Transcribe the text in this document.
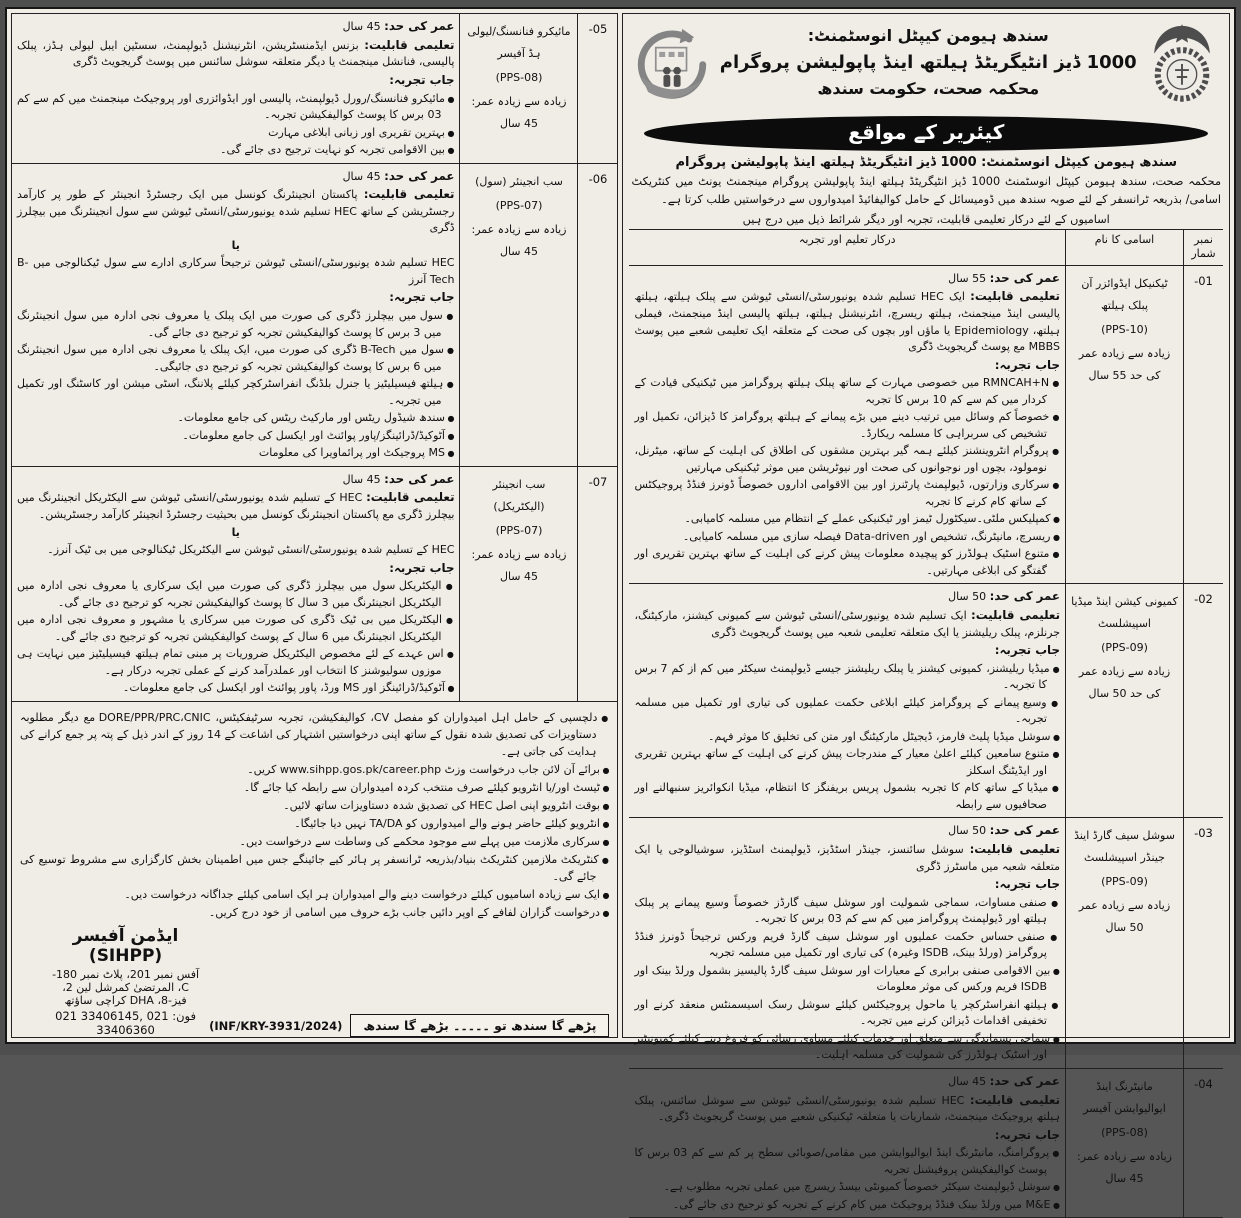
سندھ ہیومن کیپٹل انوسٹمنٹ:
1000 ڈیز انٹیگریٹڈ ہیلتھ اینڈ پاپولیشن پروگرام
محکمہ صحت، حکومت سندھ
کیئریر کے مواقع
سندھ ہیومن کیپٹل انوسٹمنٹ: 1000 ڈیز انٹیگریٹڈ ہیلتھ اینڈ پاپولیشن پروگرام
محکمہ صحت، سندھ ہیومن کیپٹل انوسٹمنٹ 1000 ڈیز انٹیگریٹڈ ہیلتھ اینڈ پاپولیشن پروگرام مینجمنٹ یونٹ میں کنٹریکٹ اسامی/ بذریعہ ٹرانسفر کے لئے صوبہ سندھ میں ڈومیسائل کے حامل کوالیفائیڈ امیدواروں سے درخواستیں طلب کرتا ہے۔
اسامیوں کے لئے درکار تعلیمی قابلیت، تجربہ اور دیگر شرائط ذیل میں درج ہیں
نمبر شمار
اسامی کا نام
درکار تعلیم اور تجربہ
-01
ٹیکنیکل ایڈوائزر آن پبلک ہیلتھ
(PPS-10)
زیادہ سے زیادہ عمر کی حد 55 سال
عمر کی حد: 55 سال
تعلیمی قابلیت: ایک HEC تسلیم شدہ یونیورسٹی/انسٹی ٹیوشن سے پبلک ہیلتھ، ہیلتھ پالیسی اینڈ مینجمنٹ، ہیلتھ ریسرچ، انٹرنیشنل ہیلتھ، ہیلتھ پالیسی اینڈ مینجمنٹ، فیملی ہیلتھ، Epidemiology یا ماؤں اور بچوں کی صحت کے متعلقہ ایک تعلیمی شعبے میں پوسٹ MBBS مع پوسٹ گریجویٹ ڈگری
جاب تجربہ:
● RMNCAH+N میں خصوصی مہارت کے ساتھ پبلک ہیلتھ پروگرامز میں ٹیکنیکی قیادت کے کردار میں کم سے کم 10 برس کا تجربہ
● خصوصاً کم وسائل میں ترتیب دینے میں بڑے پیمانے کے ہیلتھ پروگرامز کا ڈیزائن، تکمیل اور تشخیص کی سربراہی کا مسلمہ ریکارڈ۔
● پروگرام انٹروینشنز کیلئے ہمہ گیر بہترین مشقوں کی اطلاق کی اہلیت کے ساتھ، میٹرنل، نومولود، بچوں اور نوجوانوں کی صحت اور نیوٹریشن میں موثر ٹیکنیکی مہارتیں
● سرکاری وزارتوں، ڈیولپمنٹ پارٹنرز اور بین الاقوامی اداروں خصوصاً ڈونرز فنڈڈ پروجیکٹس کے ساتھ کام کرنے کا تجربہ
● کمپلیکس ملٹی۔سیکٹورل ٹیمز اور ٹیکنیکی عملے کے انتظام میں مسلمہ کامیابی۔
● ریسرچ، مانیٹرنگ، تشخیص اور Data-driven فیصلہ سازی میں مسلمہ کامیابی۔
● متنوع اسٹیک ہولڈرز کو پیچیدہ معلومات پیش کرنے کی اہلیت کے ساتھ بہترین تقریری اور گفتگو کی ابلاغی مہارتیں۔
-02
کمیونی کیشن اینڈ میڈیا اسپیشلسٹ
(PPS-09)
زیادہ سے زیادہ عمر کی حد 50 سال
عمر کی حد: 50 سال
تعلیمی قابلیت: ایک تسلیم شدہ یونیورسٹی/انسٹی ٹیوشن سے کمیونی کیشنز، مارکیٹنگ، جرنلزم، پبلک ریلیشنز یا ایک متعلقہ تعلیمی شعبہ میں پوسٹ گریجویٹ ڈگری
جاب تجربہ:
● میڈیا ریلیشنز، کمیونی کیشنز یا پبلک ریلیشنز جیسے ڈیولپمنٹ سیکٹر میں کم از کم 7 برس کا تجربہ۔
● وسیع پیمانے کے پروگرامز کیلئے ابلاغی حکمت عملیوں کی تیاری اور تکمیل میں مسلمہ تجربہ۔
● سوشل میڈیا پلیٹ فارمز، ڈیجیٹل مارکیٹنگ اور متن کی تخلیق کا موثر فہم۔
● متنوع سامعین کیلئے اعلیٰ معیار کے مندرجات پیش کرنے کی اہلیت کے ساتھ بہترین تقریری اور ایڈیٹنگ اسکلز
● میڈیا کے ساتھ کام کا تجربہ بشمول پریس بریفنگز کا انتظام، میڈیا انکوائریز سنبھالنے اور صحافیوں سے رابطہ
-03
سوشل سیف گارڈ اینڈ جینڈر اسپیشلسٹ
(PPS-09)
زیادہ سے زیادہ عمر 50 سال
عمر کی حد: 50 سال
تعلیمی قابلیت: سوشل سائنسز، جینڈر اسٹڈیز، ڈیولپمنٹ اسٹڈیز، سوشیالوجی یا ایک متعلقہ شعبہ میں ماسٹرز ڈگری
جاب تجربہ:
● صنفی مساوات، سماجی شمولیت اور سوشل سیف گارڈز خصوصاً وسیع پیمانے پر پبلک ہیلتھ اور ڈیولپمنٹ پروگرامز میں کم سے کم 03 برس کا تجربہ۔
● صنفی حساس حکمت عملیوں اور سوشل سیف گارڈ فریم ورکس ترجیحاً ڈونرز فنڈڈ پروگرامز (ورلڈ بینک، ISDB وغیرہ) کی تیاری اور تکمیل میں مسلمہ تجربہ
● بین الاقوامی صنفی برابری کے معیارات اور سوشل سیف گارڈ پالیسیز بشمول ورلڈ بینک اور ISDB فریم ورکس کی موثر معلومات
● ہیلتھ انفراسٹرکچر یا ماحول پروجیکٹس کیلئے سوشل رسک اسیسمنٹس منعقد کرنے اور تخفیفی اقدامات ڈیزائن کرنے میں تجربہ۔
● سماجی پسماندگی سے متعلق اور خدمات کیلئے مساوی رسائی کو فروغ دینے کیلئے کمیونیٹیز اور اسٹیک ہولڈرز کی شمولیت کی مسلمہ اہلیت۔
-04
مانیٹرنگ اینڈ ایوالیوایشن آفیسر
(PPS-08)
زیادہ سے زیادہ عمر: 45 سال
عمر کی حد: 45 سال
تعلیمی قابلیت: HEC تسلیم شدہ یونیورسٹی/انسٹی ٹیوشن سے سوشل سائنس، پبلک ہیلتھ پروجیکٹ مینجمنٹ، شماریات یا متعلقہ ٹیکنیکی شعبے میں پوسٹ گریجویٹ ڈگری۔
جاب تجربہ:
● پروگرامنگ، مانیٹرنگ اینڈ ایوالیوایشن میں مقامی/صوبائی سطح پر کم سے کم 03 برس کا پوسٹ کوالیفکیشن پروفیشنل تجربہ
● سوشل ڈیولپمنٹ سیکٹر خصوصاً کمیونٹی بیسڈ ریسرچ میں عملی تجربہ مطلوب ہے۔
● M&E میں ورلڈ بینک فنڈڈ پروجیکٹ میں کام کرنے کے تجربہ کو ترجیح دی جائے گی۔
-05
مائیکرو فنانسنگ/لیولی ہڈ آفیسر
(PPS-08)
زیادہ سے زیادہ عمر: 45 سال
عمر کی حد: 45 سال
تعلیمی قابلیت: بزنس ایڈمنسٹریشن، انٹرنیشنل ڈیولپمنٹ، سسٹین ایبل لیولی ہڈز، پبلک پالیسی، فنانشل مینجمنٹ یا دیگر متعلقہ سوشل سائنس میں پوسٹ گریجویٹ ڈگری
جاب تجربہ:
● مائیکرو فنانسنگ/رورل ڈیولپمنٹ، پالیسی اور ایڈوائزری اور پروجیکٹ مینجمنٹ میں کم سے کم 03 برس کا پوسٹ کوالیفکیشن تجربہ۔
● بہترین تقریری اور زبانی ابلاغی مہارت
● بین الاقوامی تجربہ کو نہایت ترجیح دی جائے گی۔
-06
سب انجینئر (سول)
(PPS-07)
زیادہ سے زیادہ عمر: 45 سال
عمر کی حد: 45 سال
تعلیمی قابلیت: پاکستان انجینئرنگ کونسل میں ایک رجسٹرڈ انجینئر کے طور پر کارآمد رجسٹریشن کے ساتھ HEC تسلیم شدہ یونیورسٹی/انسٹی ٹیوشن سے سول انجینئرنگ میں بیچلرز ڈگری
یا
HEC تسلیم شدہ یونیورسٹی/انسٹی ٹیوشن ترجیحاً سرکاری ادارے سے سول ٹیکنالوجی میں B-Tech آنرز
جاب تجربہ:
● سول میں بیچلرز ڈگری کی صورت میں ایک پبلک یا معروف نجی ادارہ میں سول انجینئرنگ میں 3 برس کا پوسٹ کوالیفکیشن تجربہ کو ترجیح دی جائے گی۔
● سول میں B-Tech ڈگری کی صورت میں، ایک پبلک یا معروف نجی ادارہ میں سول انجینئرنگ میں 6 برس کا پوسٹ کوالیفکیشن تجربہ کو ترجیح دی جائیگی۔
● ہیلتھ فیسیلیٹیز یا جنرل بلڈنگ انفراسٹرکچر کیلئے پلاننگ، اسٹی میشن اور کاسٹنگ اور تکمیل میں تجربہ۔
● سندھ شیڈول ریٹس اور مارکیٹ ریٹس کی جامع معلومات۔
● آٹوکیڈ/ڈرائینگز/پاور پوائنٹ اور ایکسل کی جامع معلومات۔
● MS پروجیکٹ اور پرائماویرا کی معلومات
-07
سب انجینئر (الیکٹریکل)
(PPS-07)
زیادہ سے زیادہ عمر: 45 سال
عمر کی حد: 45 سال
تعلیمی قابلیت: HEC کے تسلیم شدہ یونیورسٹی/انسٹی ٹیوشن سے الیکٹریکل انجینئرنگ میں بیچلرز ڈگری مع پاکستان انجینئرنگ کونسل میں بحیثیت رجسٹرڈ انجینئر کارآمد رجسٹریشن۔
یا
HEC کے تسلیم شدہ یونیورسٹی/انسٹی ٹیوشن سے الیکٹریکل ٹیکنالوجی میں بی ٹیک آنرز۔
جاب تجربہ:
● الیکٹریکل سول میں بیچلرز ڈگری کی صورت میں ایک سرکاری یا معروف نجی ادارہ میں الیکٹریکل انجینئرنگ میں 3 سال کا پوسٹ کوالیفکیشن تجربہ کو ترجیح دی جائے گی۔
● الیکٹریکل میں بی ٹیک ڈگری کی صورت میں سرکاری یا مشہور و معروف نجی ادارہ میں الیکٹریکل انجینئرنگ میں 6 سال کے پوسٹ کوالیفکیشن تجربہ کو ترجیح دی جائے گی۔
● اس عہدے کے لئے مخصوص الیکٹریکل ضروریات پر مبنی تمام ہیلتھ فیسیلیٹیز میں نہایت ہی موزوں سولیوشنز کا انتخاب اور عملدرآمد کرنے کے عملی تجربہ درکار ہے۔
● آٹوکیڈ/ڈرائینگز اور MS ورڈ، پاور پوائنٹ اور ایکسل کی جامع معلومات۔
● دلچسپی کے حامل اہل امیدواران کو مفصل CV، کوالیفکیشن، تجربہ سرٹیفکیٹس، DORE/PPR/PRC،CNIC مع دیگر مطلوبہ دستاویزات کی تصدیق شدہ نقول کے ساتھ اپنی درخواستیں اشتہار کی اشاعت کے 14 روز کے اندر ذیل کے پتہ پر جمع کرانے کی ہدایت کی جاتی ہے۔
● برائے آن لائن جاب درخواست وزٹ www.sihpp.gos.pk/career.php کریں۔
● ٹیسٹ اور/یا انٹرویو کیلئے صرف منتخب کردہ امیدواران سے رابطہ کیا جائے گا۔
● بوقت انٹرویو اپنی اصل HEC کی تصدیق شدہ دستاویزات ساتھ لائیں۔
● انٹرویو کیلئے حاضر ہونے والے امیدواروں کو TA/DA نہیں دیا جائیگا۔
● سرکاری ملازمت میں پہلے سے موجود محکمے کی وساطت سے درخواست دیں۔
● کنٹریکٹ ملازمین کنٹریکٹ بنیاد/بذریعہ ٹرانسفر پر ہائر کیے جائینگے جس میں اطمینان بخش کارگزاری سے مشروط توسیع کی جائے گی۔
● ایک سے زیادہ اسامیوں کیلئے درخواست دینے والے امیدواران ہر ایک اسامی کیلئے جداگانہ درخواست دیں۔
● درخواست گزاران لفافے کے اوپر دائیں جانب بڑے حروف میں اسامی از خود درج کریں۔
پڑھے گا سندھ تو ۔۔۔۔۔ بڑھے گا سندھ
(INF/KRY-3931/2024)
ایڈمن آفیسر (SIHPP)
آفس نمبر 201، پلاٹ نمبر 180-C، المرتضیٰ کمرشل لین 2، فیز-8، DHA کراچی ساؤتھ
فون: 021 33406145, 021 33406360
